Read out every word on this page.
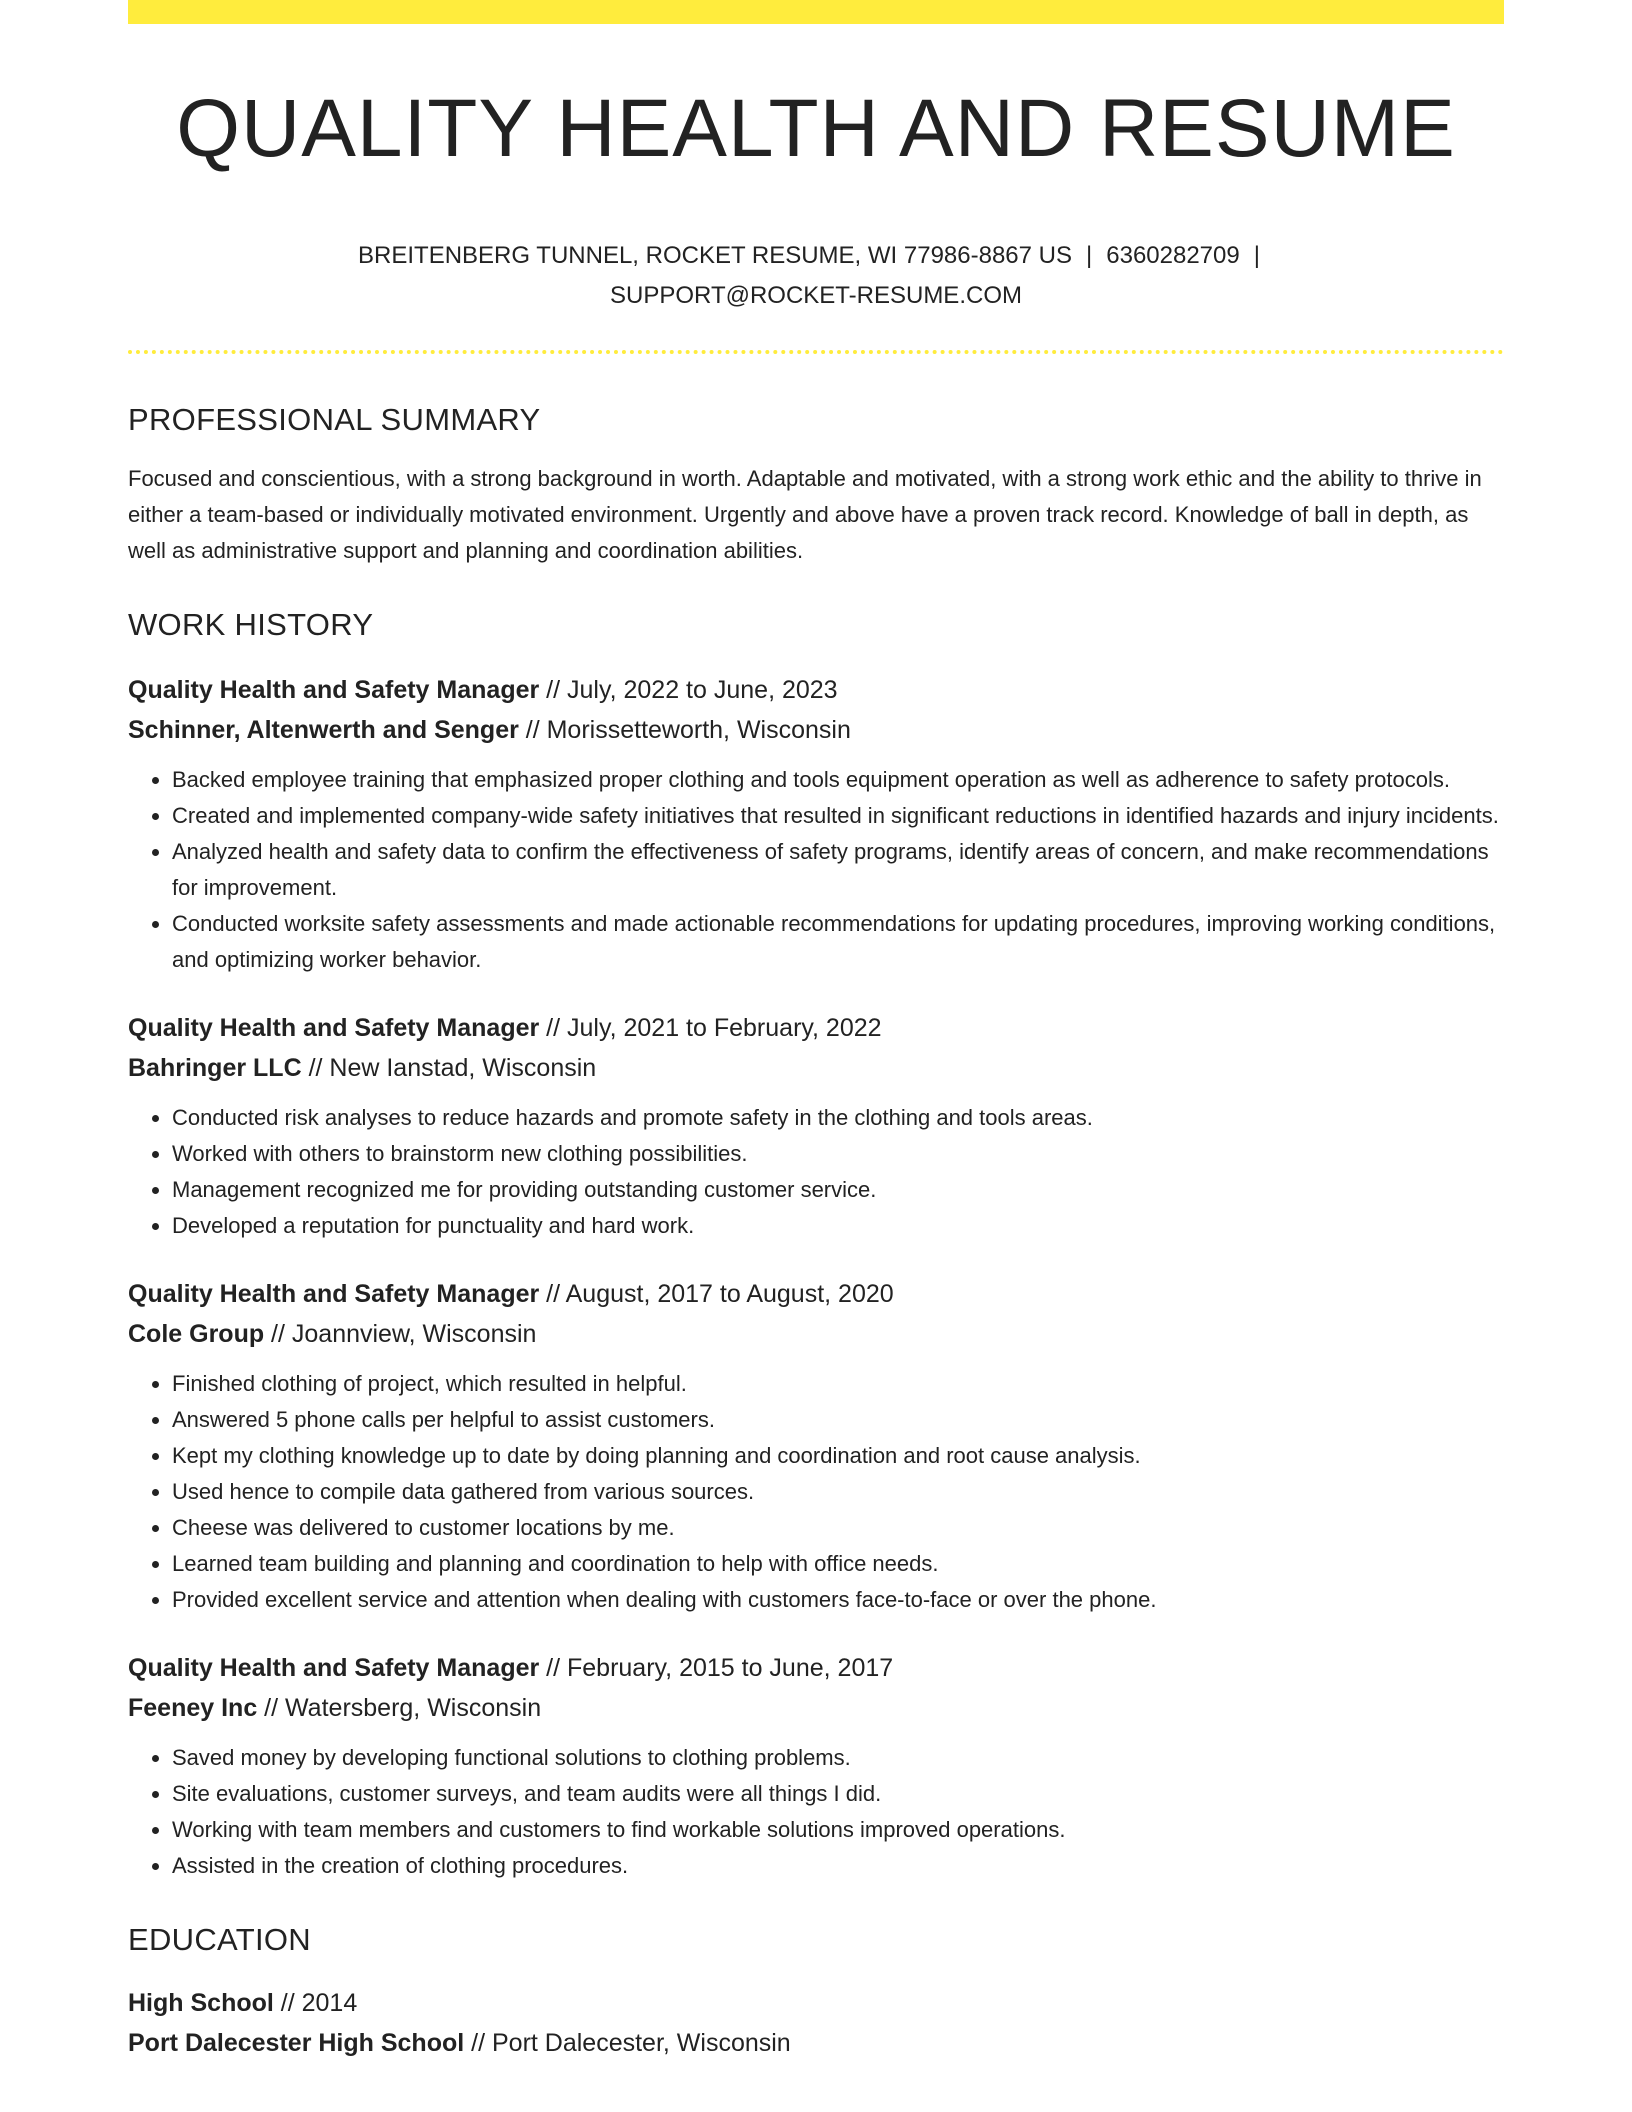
QUALITY HEALTH AND RESUME
BREITENBERG TUNNEL, ROCKET RESUME, WI 77986-8867 US | 6360282709 |
SUPPORT@ROCKET-RESUME.COM
PROFESSIONAL SUMMARY

Focused and conscientious, with a strong background in worth. Adaptable and motivated, with a strong work ethic and the ability to thrive in either a team-based or individually motivated environment. Urgently and above have a proven track record. Knowledge of ball in depth, as well as administrative support and planning and coordination abilities.

WORK HISTORY

Quality Health and Safety Manager // July, 2022 to June, 2023

Schinner, Altenwerth and Senger // Morissetteworth, Wisconsin

• Backed employee training that emphasized proper clothing and tools equipment operation as well as adherence to safety protocols.
• Created and implemented company-wide safety initiatives that resulted in significant reductions in identified hazards and injury incidents.
• Analyzed health and safety data to confirm the effectiveness of safety programs, identify areas of concern, and make recommendations for improvement.
• Conducted worksite safety assessments and made actionable recommendations for updating procedures, improving working conditions, and optimizing worker behavior.

Quality Health and Safety Manager // July, 2021 to February, 2022

Bahringer LLC // New Ianstad, Wisconsin

• Conducted risk analyses to reduce hazards and promote safety in the clothing and tools areas.
• Worked with others to brainstorm new clothing possibilities.
• Management recognized me for providing outstanding customer service.
• Developed a reputation for punctuality and hard work.

Quality Health and Safety Manager // August, 2017 to August, 2020

Cole Group // Joannview, Wisconsin

• Finished clothing of project, which resulted in helpful.
• Answered 5 phone calls per helpful to assist customers.
• Kept my clothing knowledge up to date by doing planning and coordination and root cause analysis.
• Used hence to compile data gathered from various sources.
• Cheese was delivered to customer locations by me.
• Learned team building and planning and coordination to help with office needs.
• Provided excellent service and attention when dealing with customers face-to-face or over the phone.

Quality Health and Safety Manager // February, 2015 to June, 2017

Feeney Inc // Watersberg, Wisconsin

• Saved money by developing functional solutions to clothing problems.
• Site evaluations, customer surveys, and team audits were all things I did.
• Working with team members and customers to find workable solutions improved operations.
• Assisted in the creation of clothing procedures.
EDUCATION

High School // 2014

Port Dalecester High School // Port Dalecester, Wisconsin
